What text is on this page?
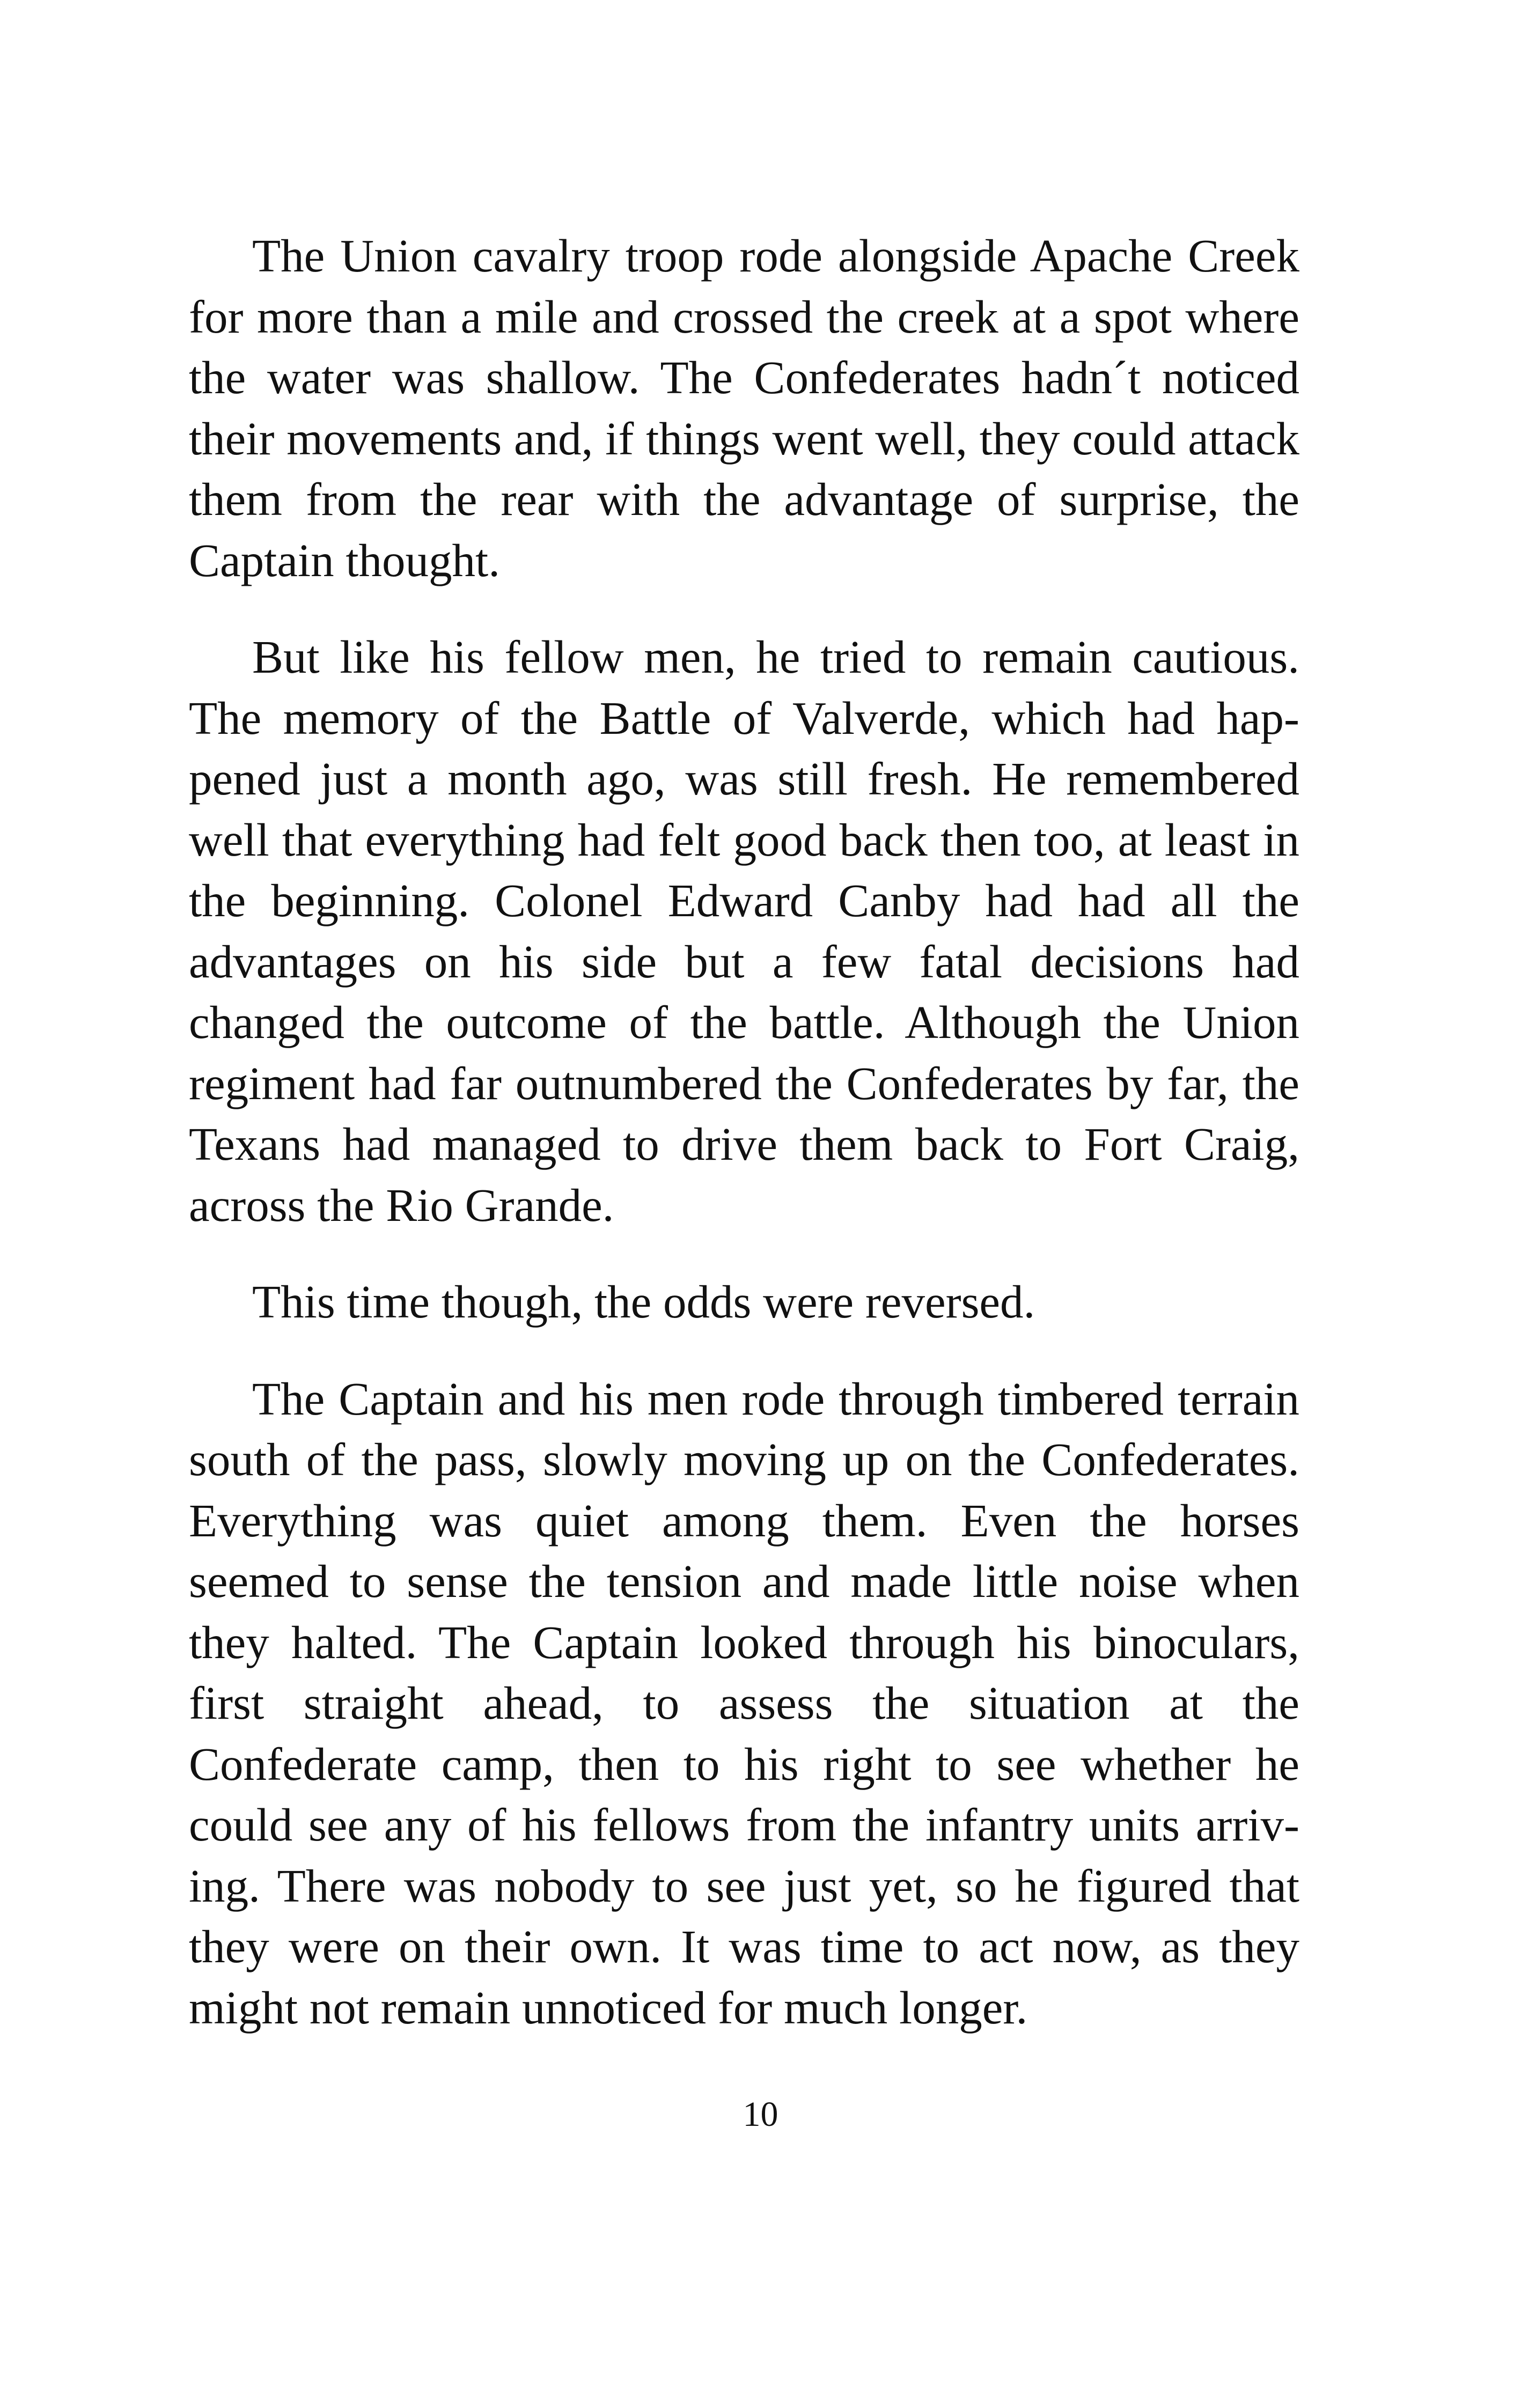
The Union cavalry troop rode alongside Apache Creek for more than a mile and crossed the creek at a spot where the water was shallow. The Confederates hadn´t noticed their movements and, if things went well, they could attack them from the rear with the advantage of surprise, the Captain thought.

But like his fellow men, he tried to remain cautious. The memory of the Battle of Valverde, which had happened just a month ago, was still fresh. He remembered well that everything had felt good back then too, at least in the beginning. Colonel Edward Canby had had all the advantages on his side but a few fatal decisions had changed the outcome of the battle. Although the Union regiment had far outnumbered the Confederates by far, the Texans had managed to drive them back to Fort Craig, across the Rio Grande.

This time though, the odds were reversed.

The Captain and his men rode through timbered terrain south of the pass, slowly moving up on the Confederates. Everything was quiet among them. Even the horses seemed to sense the tension and made little noise when they halted. The Captain looked through his binoculars, first straight ahead, to assess the situation at the Confederate camp, then to his right to see whether he could see any of his fellows from the infantry units arriving. There was nobody to see just yet, so he figured that they were on their own. It was time to act now, as they might not remain unnoticed for much longer.

10
